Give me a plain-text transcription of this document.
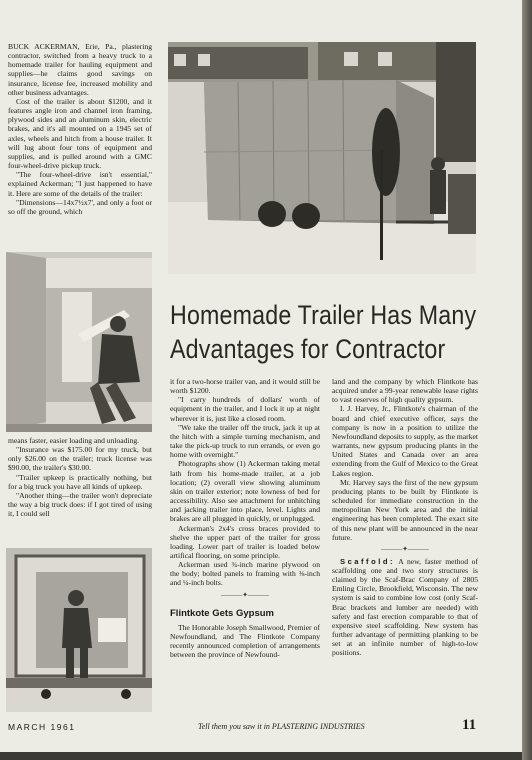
BUCK ACKERMAN, Erie, Pa., plastering contractor, switched from a heavy truck to a homemade trailer for hauling equipment and supplies—he claims good savings on insurance, license fee, increased mobility and other business advantages.

Cost of the trailer is about $1200, and it features angle iron and channel iron framing, plywood sides and an aluminum skin, electric brakes, and it's all mounted on a 1945 set of axles, wheels and hitch from a house trailer. It will lug about four tons of equipment and supplies, and is pulled around with a GMC four-wheel-drive pickup truck.

"The four-wheel-drive isn't essential," explained Ackerman; "I just happened to have it. Here are some of the details of the trailer:

"Dimensions—14x7½x7', and only a foot or so off the ground, which

means faster, easier loading and unloading.

"Insurance was $175.00 for my truck, but only $26.00 on the trailer; truck license was $90.00, the trailer's $30.00.

"Trailer upkeep is practically nothing, but for a big truck you have all kinds of upkeep.

"Another thing—the trailer won't depreciate the way a big truck does: if I got tired of using it, I could sell

Homemade Trailer Has Many
Advantages for Contractor

it for a two-horse trailer van, and it would still be worth $1200.

"I carry hundreds of dollars' worth of equipment in the trailer, and I lock it up at night wherever it is, just like a closed room.

"We take the trailer off the truck, jack it up at the hitch with a simple turning mechanism, and take the pick-up truck to run errands, or even go home with overnight."

Photographs show (1) Ackerman taking metal lath from his home-made trailer, at a job location; (2) overall view showing aluminum skin on trailer exterior; note lowness of bed for accessibility. Also see attachment for unhitching and jacking trailer into place, level. Lights and brakes are all plugged in quickly, or unplugged.

Ackerman's 2x4's cross braces provided to shelve the upper part of the trailer for gross loading. Lower part of trailer is loaded below artifical flooring, on some principle.

Ackerman used ¾-inch marine plywood on the body; bolted panels to framing with ⅜-inch and ¼-inch bolts.

———✦———
Flintkote Gets Gypsum

The Honorable Joseph Smallwood, Premier of Newfoundland, and The Flintkote Company recently announced completion of arrangements between the province of Newfound-

land and the company by which Flintkote has acquired under a 99-year renewable lease rights to vast reserves of high quality gypsum.

I. J. Harvey, Jr., Flintkote's chairman of the board and chief executive officer, says the company is now in a position to utilize the Newfoundland deposits to supply, as the market warrants, new gypsum producing plants in the United States and Canada over an area extending from the Gulf of Mexico to the Great Lakes region.

Mr. Harvey says the first of the new gypsum producing plants to be built by Flintkote is scheduled for immediate construction in the metropolitan New York area and the initial engineering has been completed. The exact site of this new plant will be announced in the near future.

———✦———

Scaffold: A new, faster method of scaffolding one and two story structures is claimed by the Scaf-Brac Company of 2805 Emling Circle, Brookfield, Wisconsin. The new system is said to combine low cost (only Scaf-Brac brackets and lumber are needed) with safety and fast erection comparable to that of expensive steel scaffolding. New system has further advantage of permitting planking to be set at an infinite number of high-to-low positions.

MARCH 1961	Tell them you saw it in PLASTERING INDUSTRIES	11
